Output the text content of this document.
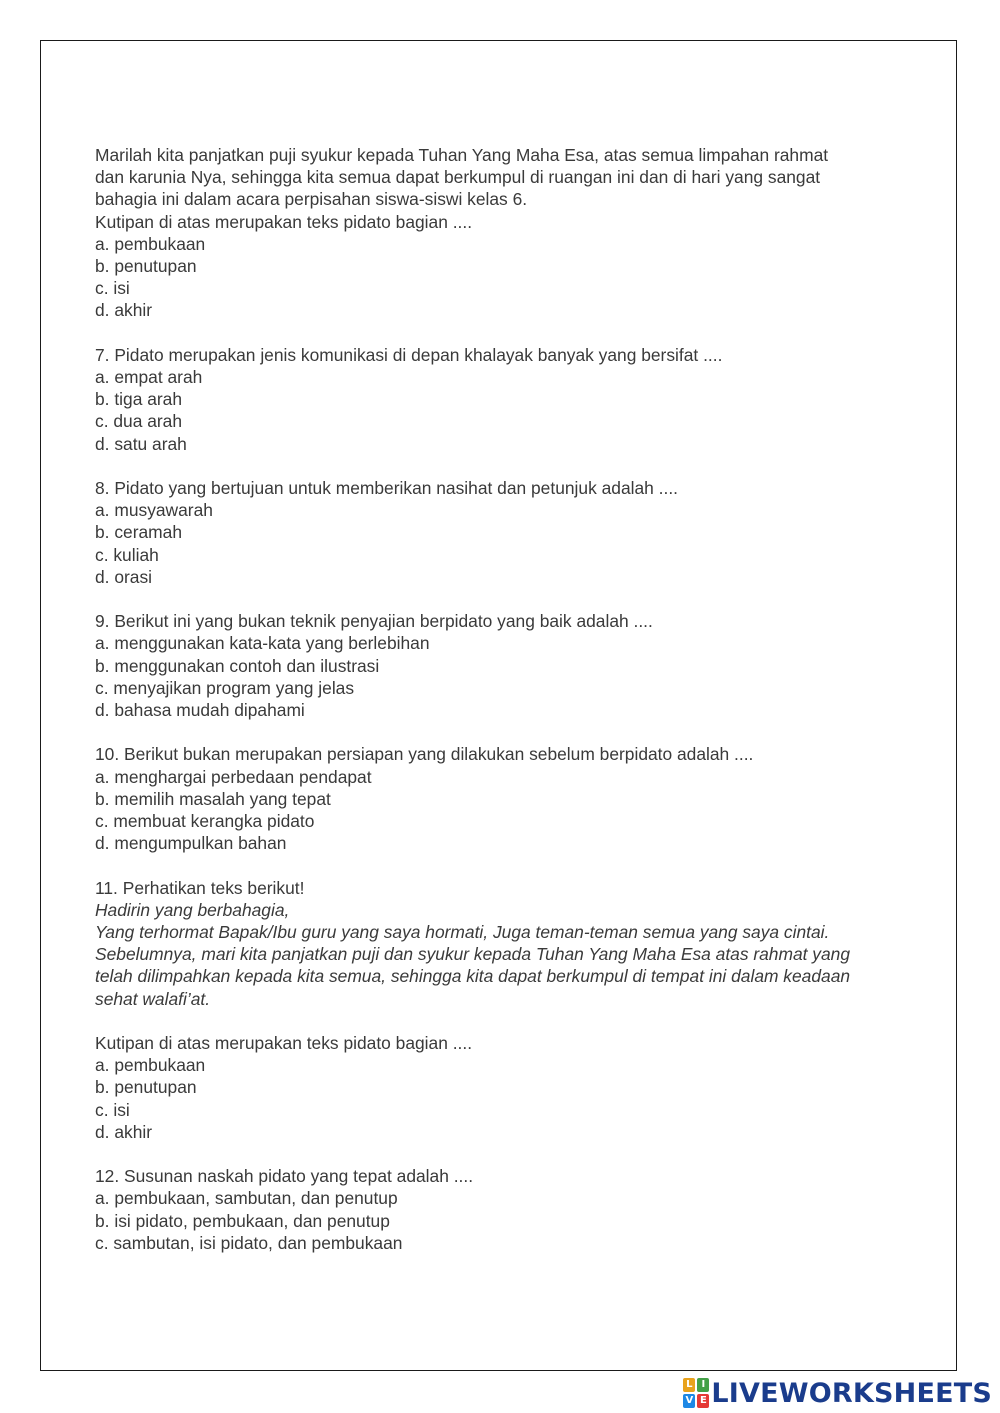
Marilah kita panjatkan puji syukur kepada Tuhan Yang Maha Esa, atas semua limpahan rahmat

dan karunia Nya, sehingga kita semua dapat berkumpul di ruangan ini dan di hari yang sangat

bahagia ini dalam acara perpisahan siswa-siswi kelas 6.

Kutipan di atas merupakan teks pidato bagian ....

a. pembukaan

b. penutupan

c. isi

d. akhir

7. Pidato merupakan jenis komunikasi di depan khalayak banyak yang bersifat ....

a. empat arah

b. tiga arah

c. dua arah

d. satu arah

8. Pidato yang bertujuan untuk memberikan nasihat dan petunjuk adalah ....

a. musyawarah

b. ceramah

c. kuliah

d. orasi

9. Berikut ini yang bukan teknik penyajian berpidato yang baik adalah ....

a. menggunakan kata-kata yang berlebihan

b. menggunakan contoh dan ilustrasi

c. menyajikan program yang jelas

d. bahasa mudah dipahami

10. Berikut bukan merupakan persiapan yang dilakukan sebelum berpidato adalah ....

a. menghargai perbedaan pendapat

b. memilih masalah yang tepat

c. membuat kerangka pidato

d. mengumpulkan bahan

11. Perhatikan teks berikut!

Hadirin yang berbahagia,

Yang terhormat Bapak/Ibu guru yang saya hormati, Juga teman-teman semua yang saya cintai.

Sebelumnya, mari kita panjatkan puji dan syukur kepada Tuhan Yang Maha Esa atas rahmat yang

telah dilimpahkan kepada kita semua, sehingga kita dapat berkumpul di tempat ini dalam keadaan

sehat walafi’at.

Kutipan di atas merupakan teks pidato bagian ....

a. pembukaan

b. penutupan

c. isi

d. akhir

12. Susunan naskah pidato yang tepat adalah ....

a. pembukaan, sambutan, dan penutup

b. isi pidato, pembukaan, dan penutup

c. sambutan, isi pidato, dan pembukaan

L I
V E LIVEWORKSHEETS
